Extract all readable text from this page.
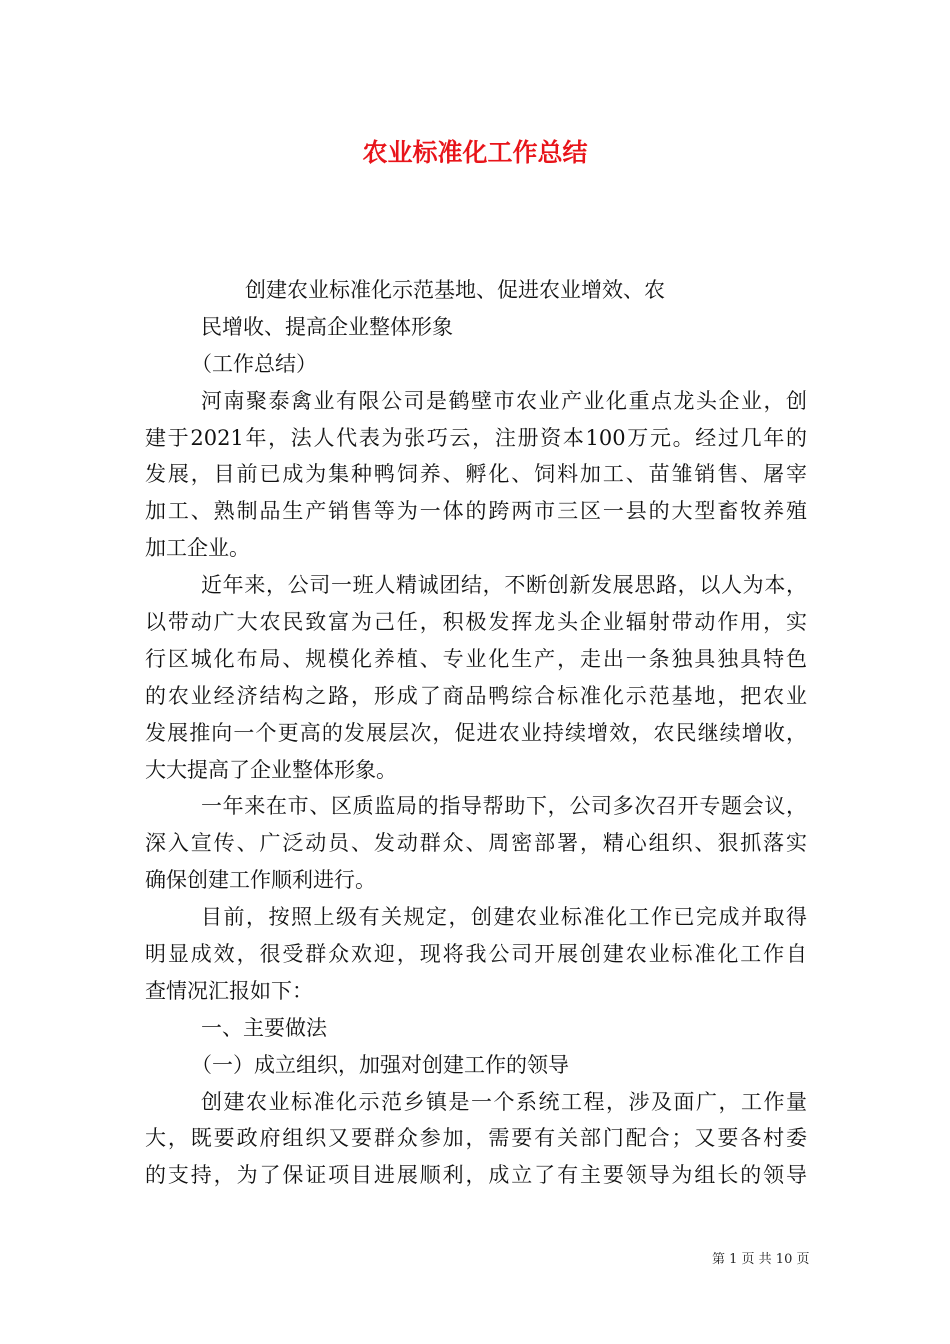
农业标准化工作总结
创建农业标准化示范基地、促进农业增效、农
民增收、提高企业整体形象
（工作总结）
河南聚泰禽业有限公司是鹤壁市农业产业化重点龙头企业，创
建于2021年，法人代表为张巧云，注册资本100万元。经过几年的
发展，目前已成为集种鸭饲养、孵化、饲料加工、苗雏销售、屠宰
加工、熟制品生产销售等为一体的跨两市三区一县的大型畜牧养殖
加工企业。
近年来，公司一班人精诚团结，不断创新发展思路，以人为本，
以带动广大农民致富为己任，积极发挥龙头企业辐射带动作用，实
行区城化布局、规模化养植、专业化生产，走出一条独具独具特色
的农业经济结构之路，形成了商品鸭综合标准化示范基地，把农业
发展推向一个更高的发展层次，促进农业持续增效，农民继续增收，
大大提高了企业整体形象。
一年来在市、区质监局的指导帮助下，公司多次召开专题会议，
深入宣传、广泛动员、发动群众、周密部署，精心组织、狠抓落实
确保创建工作顺利进行。
目前，按照上级有关规定，创建农业标准化工作已完成并取得
明显成效，很受群众欢迎，现将我公司开展创建农业标准化工作自
查情况汇报如下：
一、主要做法
（一）成立组织，加强对创建工作的领导
创建农业标准化示范乡镇是一个系统工程，涉及面广，工作量
大，既要政府组织又要群众参加，需要有关部门配合；又要各村委
的支持，为了保证项目进展顺利，成立了有主要领导为组长的领导
第 1 页 共 10 页
